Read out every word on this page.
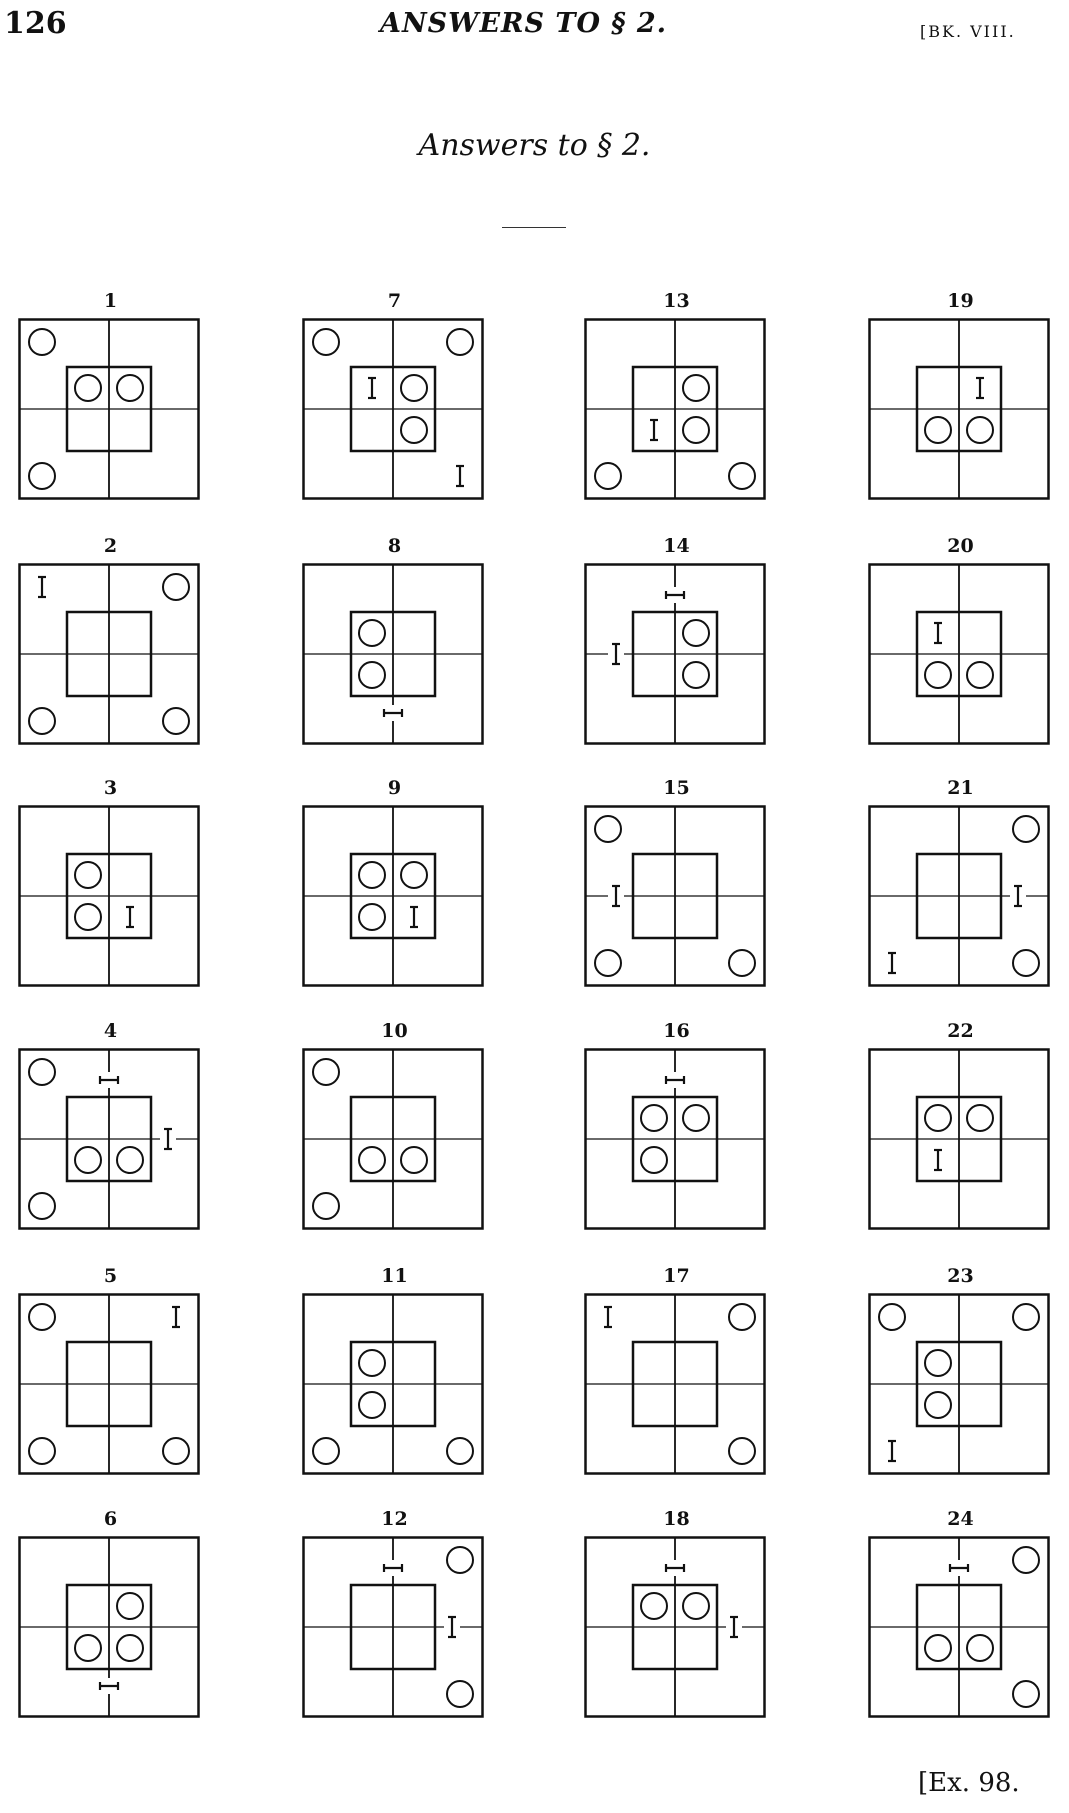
126	ANSWERS TO § 2.	[BK. VIII.
Answers to § 2.
1
2
3
4
5
6
7
8
9
10
11
12
13
14
15
16
17
18
19
20
21
22
23
24
[Ex. 98.
